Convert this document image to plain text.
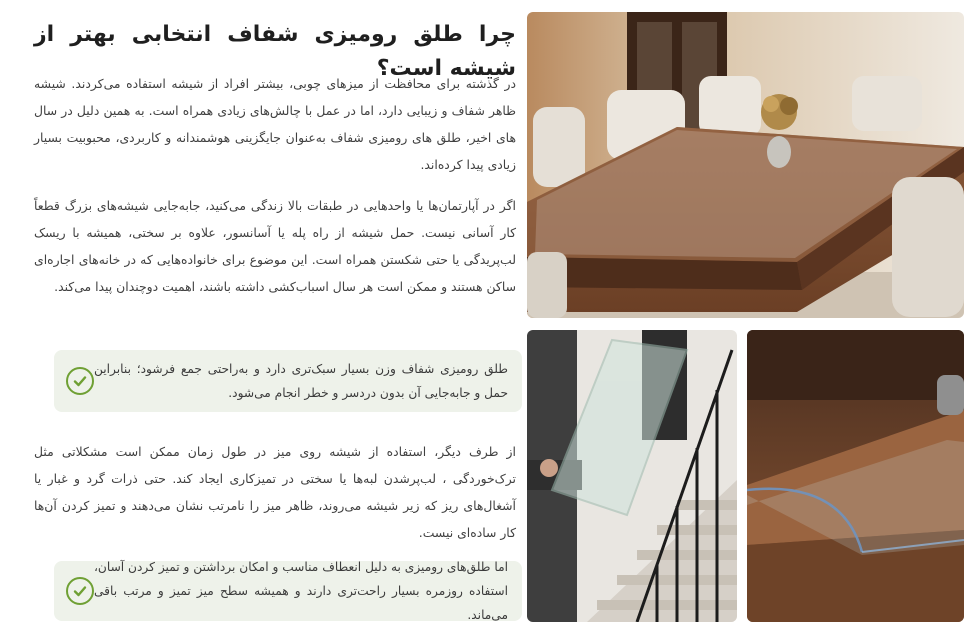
چرا طلق رومیزی شفاف انتخابی بهتر از شیشه است؟

در گذشته برای محافظت از میزهای چوبی، بیشتر افراد از شیشه استفاده می‌کردند. شیشه ظاهر شفاف و زیبایی دارد، اما در عمل با چالش‌های زیادی همراه است. به همین دلیل در سال های اخیر، طلق های رومیزی شفاف به‌عنوان جایگزینی هوشمندانه و کاربردی، محبوبیت بسیار زیادی پیدا کرده‌اند.

اگر در آپارتمان‌ها یا واحدهایی در طبقات بالا زندگی می‌کنید، جابه‌جایی شیشه‌های بزرگ قطعاً کار آسانی نیست. حمل شیشه از راه پله یا آسانسور، علاوه بر سختی، همیشه با ریسک لب‌پریدگی یا حتی شکستن همراه است. این موضوع برای خانواده‌هایی که در خانه‌های اجاره‌ای ساکن هستند و ممکن است هر سال اسباب‌کشی داشته باشند، اهمیت دوچندان پیدا می‌کند.

طلق رومیزی شفاف وزن بسیار سبک‌تری دارد و به‌راحتی جمع فرشود؛ بنابراین حمل و جابه‌جایی آن بدون دردسر و خطر انجام می‌شود.

از طرف دیگر، استفاده از شیشه روی میز در طول زمان ممکن است مشکلاتی مثل ترک‌خوردگی ، لب‌پرشدن لبه‌ها یا سختی در تمیزکاری ایجاد کند. حتی ذرات گرد و غبار یا آشغال‌های ریز که زیر شیشه می‌روند، ظاهر میز را نامرتب نشان می‌دهند و تمیز کردن آن‌ها کار ساده‌ای نیست.

اما طلق‌های رومیزی به دلیل انعطاف مناسب و امکان برداشتن و تمیز کردن آسان، استفاده روزمره بسیار راحت‌تری دارند و همیشه سطح میز تمیز و مرتب باقی می‌ماند.
